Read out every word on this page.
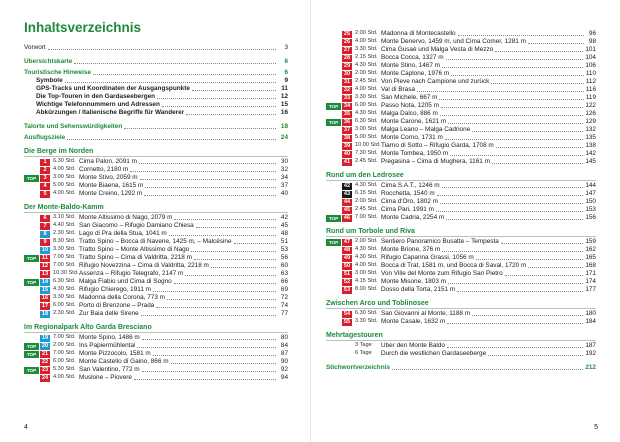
Inhaltsverzeichnis
Vorwort	3
Übersichtskarte	6
Touristische Hinweise	6
Symbole	9
GPS-Tracks und Koordinaten der Ausgangspunkte	11
Die Top-Touren in den Gardaseebergen	12
Wichtige Telefonnummern und Adressen	15
Abkürzungen / Italienische Begriffe für Wanderer	16
Talorte und Sehenswürdigkeiten	18
Ausflugsziele	24
Die Berge im Norden
1	6.30 Std. Cima Palon, 2091 m	30
2	4.00 Std. Cornetto, 2180 m	32
TOP	3	3.00 Std. Monte Stivo, 2059 m	34
4	5.00 Std. Monte Biaena, 1615 m	37
5	4.00 Std. Monte Creino, 1292 m	40
Der Monte-Baldo-Kamm
6	3.10 Std. Monte Altissimo di Nago, 2079 m	42
7	4.40 Std. San Giacomo – Rifugio Damiano Chiesa	45
8	2.30 Std. Lago di Pra della Stua, 1041 m	48
9	8.30 Std. Tratto Spino – Bocca di Navene, 1425 m, – Malcésine	51
10 3.30 Std. Tratto Spino – Monte Altissimo di Nago	53
TOP	11 7.00 Std. Tratto Spino – Cima di Valdritta, 2218 m	56
12 7.00 Std. Rifugio Novezzina – Cima di Valdritta, 2218 m	60
13 10.30 Std. Assenza – Rifugio Telegrafo, 2147 m	63
TOP	14 6.30 Std. Malga Fiabio und Cima di Sogno	66
15 4.30 Std. Rifugio Chierego, 1911 m	69
16 3.30 Std. Madonna della Corona, 773 m	72
17 6.00 Std. Porto di Brenzone – Prada	74
18 2.30 Std. Zur Baia delle Sirene	77
Im Regionalpark Alto Garda Bresciano
19 7.00 Std. Monte Spino, 1486 m	80
TOP	20 2.00 Std. Ins Papiermühlental	84
TOP	21 7.00 Std. Monte Pizzocolo, 1581 m	87
22 6.00 Std. Monte Castello di Gaino, 866 m	90
TOP	23 5.30 Std. San Valentino, 772 m	92
24 4.00 Std. Muslone – Piovere	94
4
25 2.00 Std. Madonna di Montecastello	96
26 4.00 Std. Monte Denervo, 1459 m, und Cima Comer, 1281 m	98
27 3.30 Std. Cima Gusaè und Malga Vesta di Mezzo	101
28 2.15 Std. Bocca Cocca, 1327 m	104
29 4.30 Std. Monte Stino, 1467 m	106
30 2.00 Std. Monte Caplone, 1976 m	110
31 2.45 Std. Von Pieve nach Campione und zurück	112
32 4.00 Std. Val di Brasa	116
33 3.30 Std. San Michele, 667 m	119
TOP	34 6.00 Std. Passo Nota, 1205 m	122
35 4.30 Std. Malga Dalco, 886 m	126
TOP	36 6.30 Std. Monte Carone, 1621 m	129
37 3.00 Std. Malga Leano – Malga Cadrione	132
38 5.00 Std. Monte Corno, 1731 m	135
39 10.00 Std. Tiarno di Sotto – Rifugio Garda, 1708 m	138
40 7.30 Std. Monte Tombea, 1950 m	142
41 2.45 Std. Pregasina – Cima di Mughera, 1161 m	145
Rund um den Ledrosee
42 4.30 Std. Cima S.A.T., 1246 m	144
43 6.15 Std. Rocchetta, 1540 m	147
44 2.00 Std. Cima d'Oro, 1802 m	150
45 2.45 Std. Cima Pari, 1991 m	153
TOP	46 7.00 Std. Monte Cadria, 2254 m	156
Rund um Torbole und Riva
TOP	47 2.00 Std. Sentiero Panoramico Busatte – Tempesta	159
48 4.30 Std. Monte Brione, 376 m	162
49 4.30 Std. Rifugio Capanna Grassi, 1056 m	165
50 4.00 Std. Bocca di Trat, 1581 m, und Bocca di Saval, 1720 m	168
51 3.00 Std. Von Ville del Monte zum Rifugio San Pietro	171
52 4.15 Std. Monte Misone, 1803 m	174
53 8.00 Std. Dosso della Torta, 2151 m	177
Zwischen Arco und Toblinosee
54 6.30 Std. San Giovanni al Monte, 1188 m	180
55 3.30 Std. Monte Casale, 1632 m	184
Mehrtagestouren
3 Tage	Über den Monte Baldo	187
6 Tage	Durch die westlichen Gardaseeberge	192
Stichwortverzeichnis	212
5
